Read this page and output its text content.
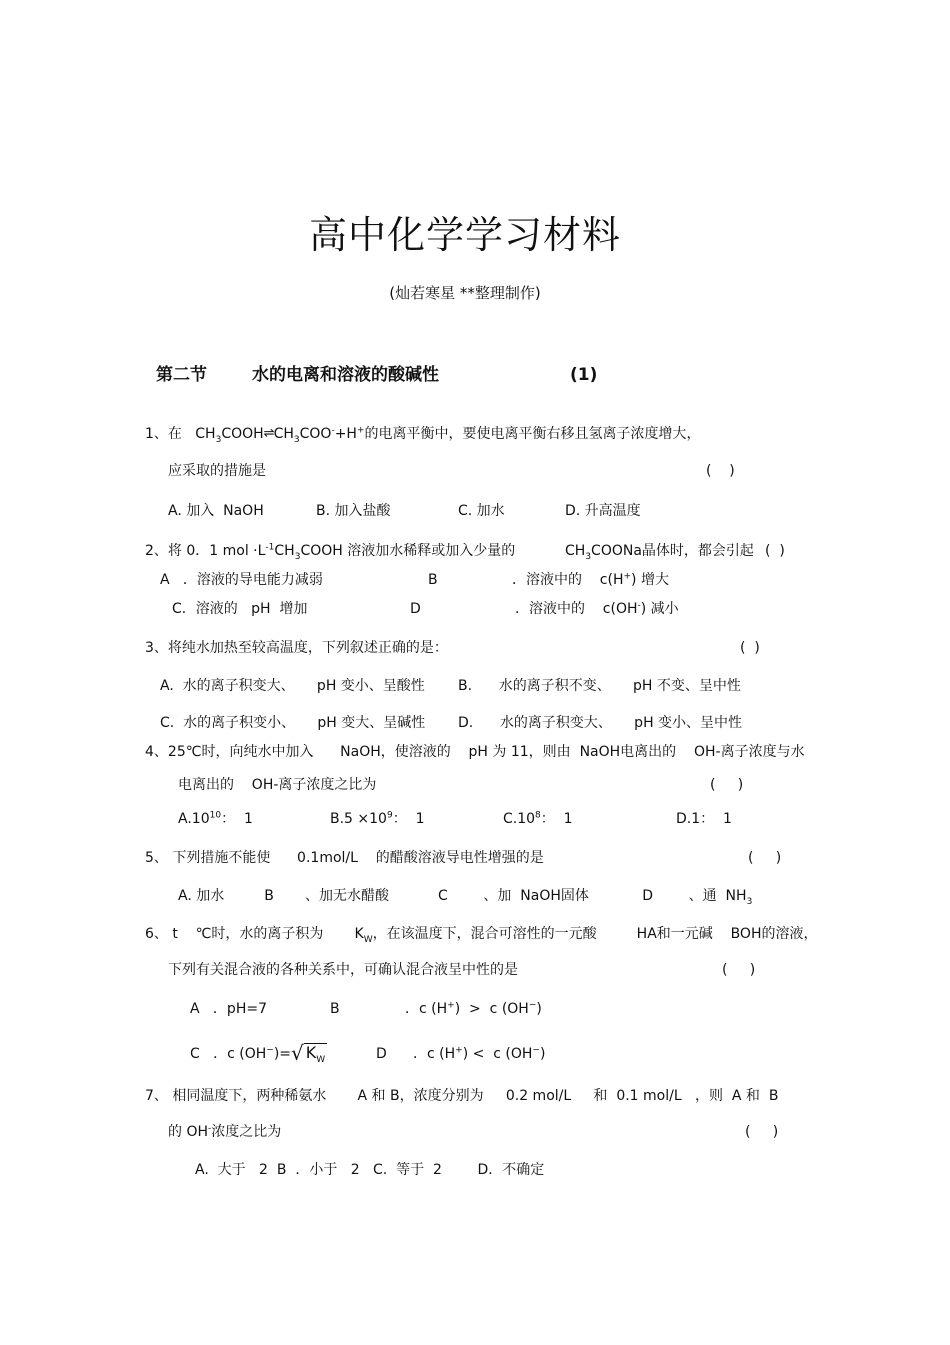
高中化学学习材料
(灿若寒星 **整理制作)
第二节	水的电离和溶液的酸碱性	(1)
1、在 $CH_3COOH\rightleftharpoons CH_3COO^-+H^+$的电离平衡中，要使电离平衡右移且氢离子浓度增大，
应采取的措施是	(    )
A. 加入  NaOH	B. 加入盐酸	C. 加水	D. 升高温度
2、将 0．1 mol $\cdot L^{-1}CH_3COOH$ 溶液加水稀释或加入少量的	$CH_3COONa$晶体时，都会引起 (  )
A   ．溶液的导电能力减弱	B	．溶液中的    c(H+) 增大
C．溶液的   pH  增加	D	．溶液中的    c(OH-) 减小
3、将纯水加热至较高温度，下列叙述正确的是：	(  )
A.  水的离子积变大、     pH 变小、呈酸性 B.      水的离子积不变、     pH 不变、呈中性
C.  水的离子积变小、     pH 变大、呈碱性 D.      水的离子积变大、     pH 变小、呈中性
4、25℃时，向纯水中加入      NaOH，使溶液的    pH 为 11，则由  NaOH电离出的    OH-离子浓度与水
电离出的    OH-离子浓度之比为	(     )
$A.10^{10}$：  1	$B.5 \times 10^9$：  1	$C.10^8$：  1	D.1：  1
5、 下列措施不能使      0.1mol/L    的醋酸溶液导电性增强的是	(     )
A. 加水         B       、加无水醋酸           C        、加  NaOH固体            D        、通  $NH_3$
6、 t    ℃时，水的离子积为       $K_W$，在该温度下，混合可溶性的一元酸         HA和一元碱    BOH的溶液，
下列有关混合液的各种关系中，可确认混合液呈中性的是	(     )
A   ．pH=7	B	．c (H+)  >  c (OH−)
C   ．c (OH−)=√ $K_W$	D ．c (H+) <  c (OH−)
7、 相同温度下，两种稀氨水       A 和 B，浓度分别为     0.2 mol/L     和  0.1 mol/L   ，则  A 和  B
的 OH-浓度之比为	(     )
A.  大于   2  B  ．小于   2   C.  等于  2        D．不确定
